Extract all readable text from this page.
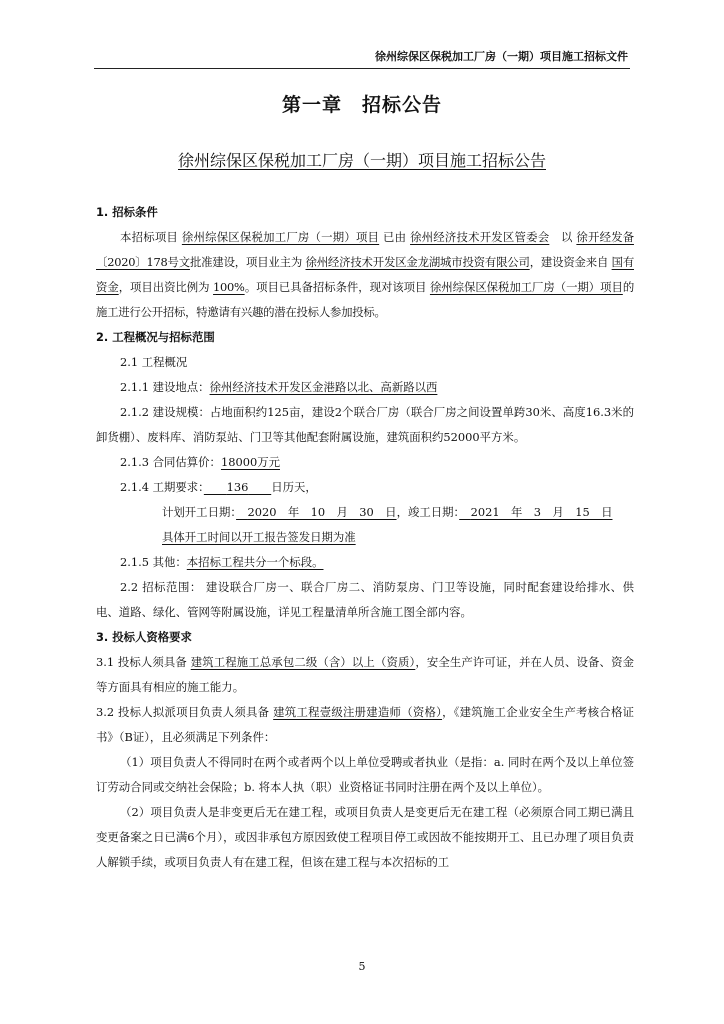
徐州综保区保税加工厂房（一期）项目施工招标文件
第一章　招标公告
徐州综保区保税加工厂房（一期）项目施工招标公告

1. 招标条件

本招标项目 徐州综保区保税加工厂房（一期）项目 已由 徐州经济技术开发区管委会　 以 徐开经发备〔2020〕178号文批准建设，项目业主为 徐州经济技术开发区金龙湖城市投资有限公司，建设资金来自 国有资金，项目出资比例为 100%。项目已具备招标条件，现对该项目 徐州综保区保税加工厂房（一期）项目的施工进行公开招标，特邀请有兴趣的潜在投标人参加投标。

2. 工程概况与招标范围

2.1 工程概况

2.1.1 建设地点：徐州经济技术开发区金港路以北、高新路以西

2.1.2 建设规模：占地面积约125亩，建设2个联合厂房（联合厂房之间设置单跨30米、高度16.3米的卸货棚）、废料库、消防泵站、门卫等其他配套附属设施，建筑面积约52000平方米。

2.1.3 合同估算价：18000万元

2.1.4 工期要求：　　 136　　 日历天，

计划开工日期：　 2020　年　10　月　30　日，竣工日期：　 2021　年　3　月　15　日

具体开工时间以开工报告签发日期为准

2.1.5 其他：本招标工程共分一个标段。

2.2 招标范围： 建设联合厂房一、联合厂房二、消防泵房、门卫等设施，同时配套建设给排水、供电、道路、绿化、管网等附属设施，详见工程量清单所含施工图全部内容。

3. 投标人资格要求

3.1 投标人须具备 建筑工程施工总承包二级（含）以上（资质），安全生产许可证，并在人员、设备、资金等方面具有相应的施工能力。

3.2 投标人拟派项目负责人须具备 建筑工程壹级注册建造师（资格），《建筑施工企业安全生产考核合格证书》（B证），且必须满足下列条件：

（1）项目负责人不得同时在两个或者两个以上单位受聘或者执业（是指：a. 同时在两个及以上单位签订劳动合同或交纳社会保险；b. 将本人执（职）业资格证书同时注册在两个及以上单位）。

（2）项目负责人是非变更后无在建工程，或项目负责人是变更后无在建工程（必须原合同工期已满且变更备案之日已满6个月），或因非承包方原因致使工程项目停工或因故不能按期开工、且已办理了项目负责人解锁手续，或项目负责人有在建工程，但该在建工程与本次招标的工

5
